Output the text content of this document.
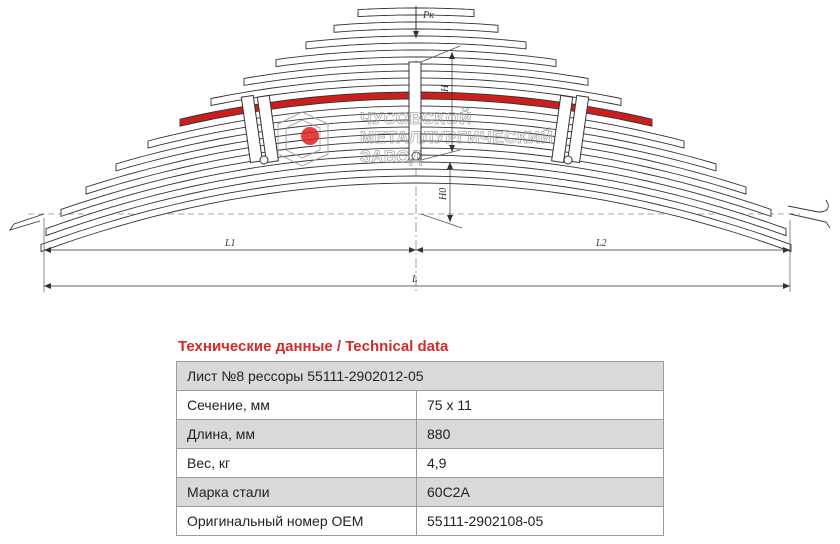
Pк
H
H0
L1	L2
L
ЧУСОВСКОЙ
МЕТАЛЛУРГИЧЕСКИЙ
ЗАВОД
Технические данные / Technical data
Лист №8 рессоры 55111-2902012-05	
Сечение, мм	75 x 11
Длина, мм	880
Вес, кг	4,9
Марка стали	60С2А
Оригинальный номер ОЕМ	55111-2902108-05
